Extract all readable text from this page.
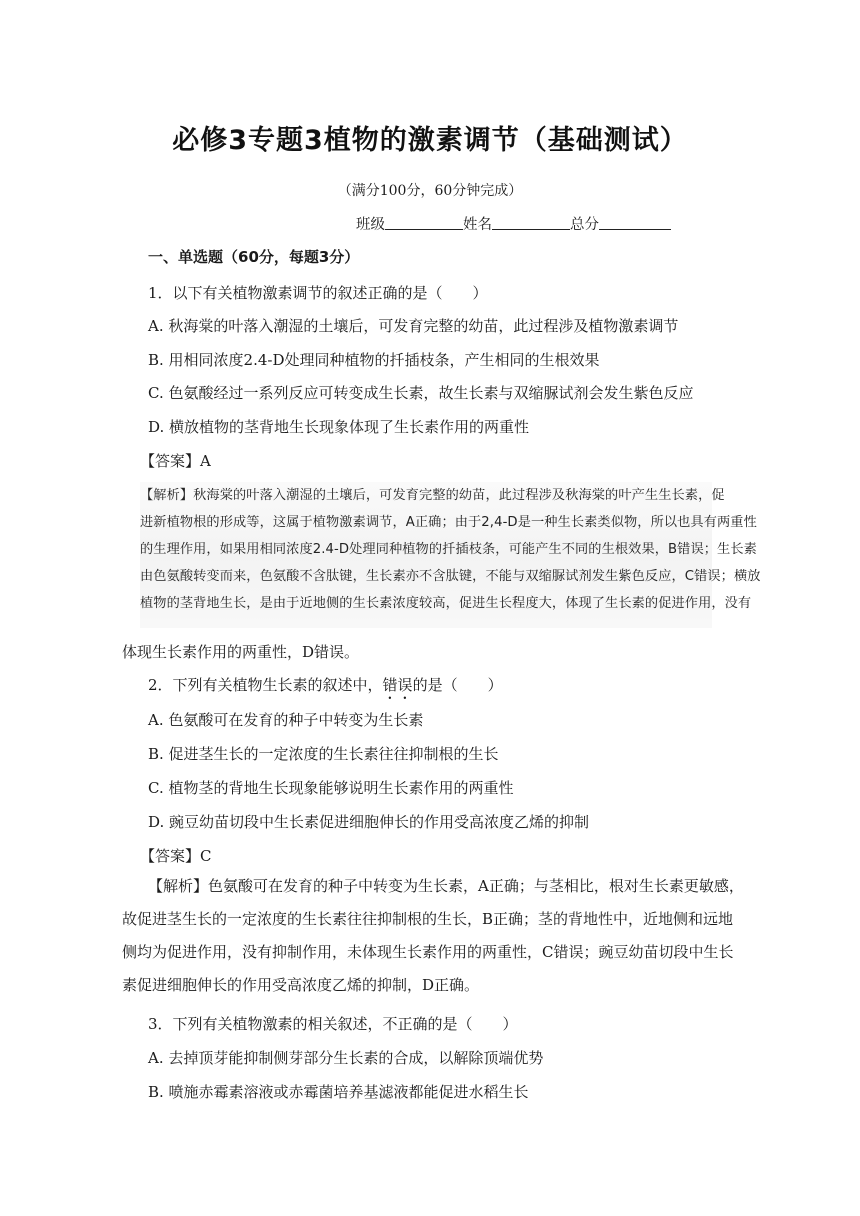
必修3专题3植物的激素调节（基础测试）
（满分100分，60分钟完成）
班级	姓名	总分
一、单选题（60分，每题3分）
1．以下有关植物激素调节的叙述正确的是（　　）
A. 秋海棠的叶落入潮湿的土壤后，可发育完整的幼苗，此过程涉及植物激素调节
B. 用相同浓度2.4-D处理同种植物的扦插枝条，产生相同的生根效果
C. 色氨酸经过一系列反应可转变成生长素，故生长素与双缩脲试剂会发生紫色反应
D. 横放植物的茎背地生长现象体现了生长素作用的两重性
【答案】A

【解析】秋海棠的叶落入潮湿的土壤后，可发育完整的幼苗，此过程涉及秋海棠的叶产生生长素，促

进新植物根的形成等，这属于植物激素调节，A正确；由于2,4-D是一种生长素类似物，所以也具有两重性

的生理作用，如果用相同浓度2.4-D处理同种植物的扦插枝条，可能产生不同的生根效果，B错误；生长素

由色氨酸转变而来，色氨酸不含肽键，生长素亦不含肽键，不能与双缩脲试剂发生紫色反应，C错误；横放

植物的茎背地生长，是由于近地侧的生长素浓度较高，促进生长程度大，体现了生长素的促进作用，没有

体现生长素作用的两重性，D错误。
2．下列有关植物生长素的叙述中，错误的是（　　）
A. 色氨酸可在发育的种子中转变为生长素
B. 促进茎生长的一定浓度的生长素往往抑制根的生长
C. 植物茎的背地生长现象能够说明生长素作用的两重性
D. 豌豆幼苗切段中生长素促进细胞伸长的作用受高浓度乙烯的抑制
【答案】C

【解析】色氨酸可在发育的种子中转变为生长素，A正确；与茎相比，根对生长素更敏感，

故促进茎生长的一定浓度的生长素往往抑制根的生长，B正确；茎的背地性中，近地侧和远地

侧均为促进作用，没有抑制作用，未体现生长素作用的两重性，C错误；豌豆幼苗切段中生长

素促进细胞伸长的作用受高浓度乙烯的抑制，D正确。

3．下列有关植物激素的相关叙述，不正确的是（　　）
A. 去掉顶芽能抑制侧芽部分生长素的合成，以解除顶端优势
B. 喷施赤霉素溶液或赤霉菌培养基滤液都能促进水稻生长
